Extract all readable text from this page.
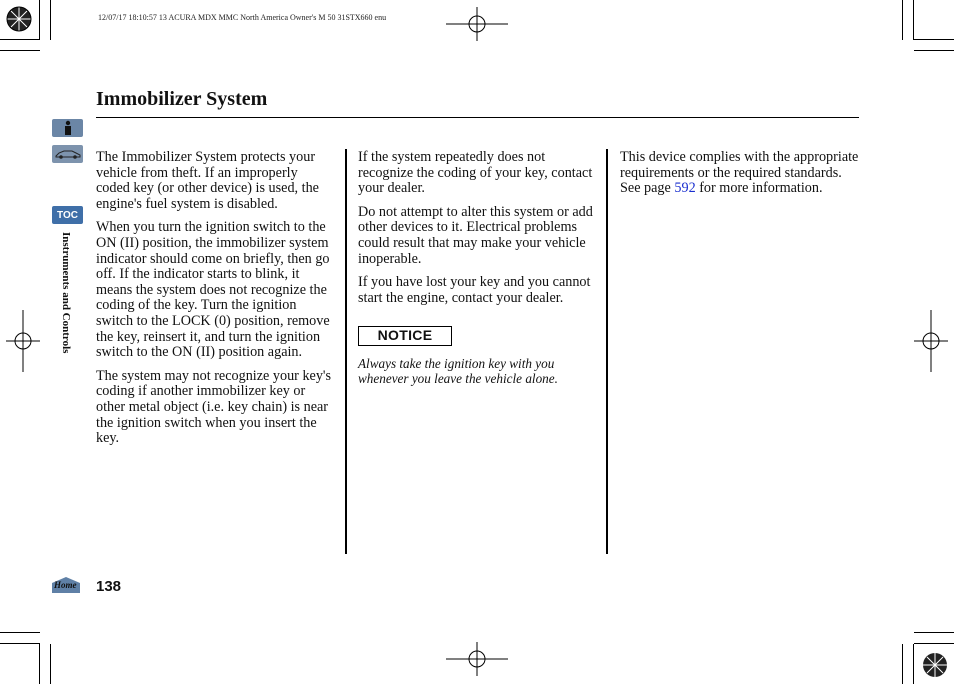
12/07/17 18:10:57 13 ACURA MDX MMC North America Owner's M 50 31STX660 enu
Immobilizer System
TOC
Instruments and Controls

The Immobilizer System protects your vehicle from theft. If an improperly coded key (or other device) is used, the engine's fuel system is disabled.

When you turn the ignition switch to the ON (II) position, the immobilizer system indicator should come on briefly, then go off. If the indicator starts to blink, it means the system does not recognize the coding of the key. Turn the ignition switch to the LOCK (0) position, remove the key, reinsert it, and turn the ignition switch to the ON (II) position again.

The system may not recognize your key's coding if another immobilizer key or other metal object (i.e. key chain) is near the ignition switch when you insert the key.

If the system repeatedly does not recognize the coding of your key, contact your dealer.

Do not attempt to alter this system or add other devices to it. Electrical problems could result that may make your vehicle inoperable.

If you have lost your key and you cannot start the engine, contact your dealer.

NOTICE

Always take the ignition key with you whenever you leave the vehicle alone.

This device complies with the appropriate requirements or the required standards. See page 592 for more information.

Home 138
